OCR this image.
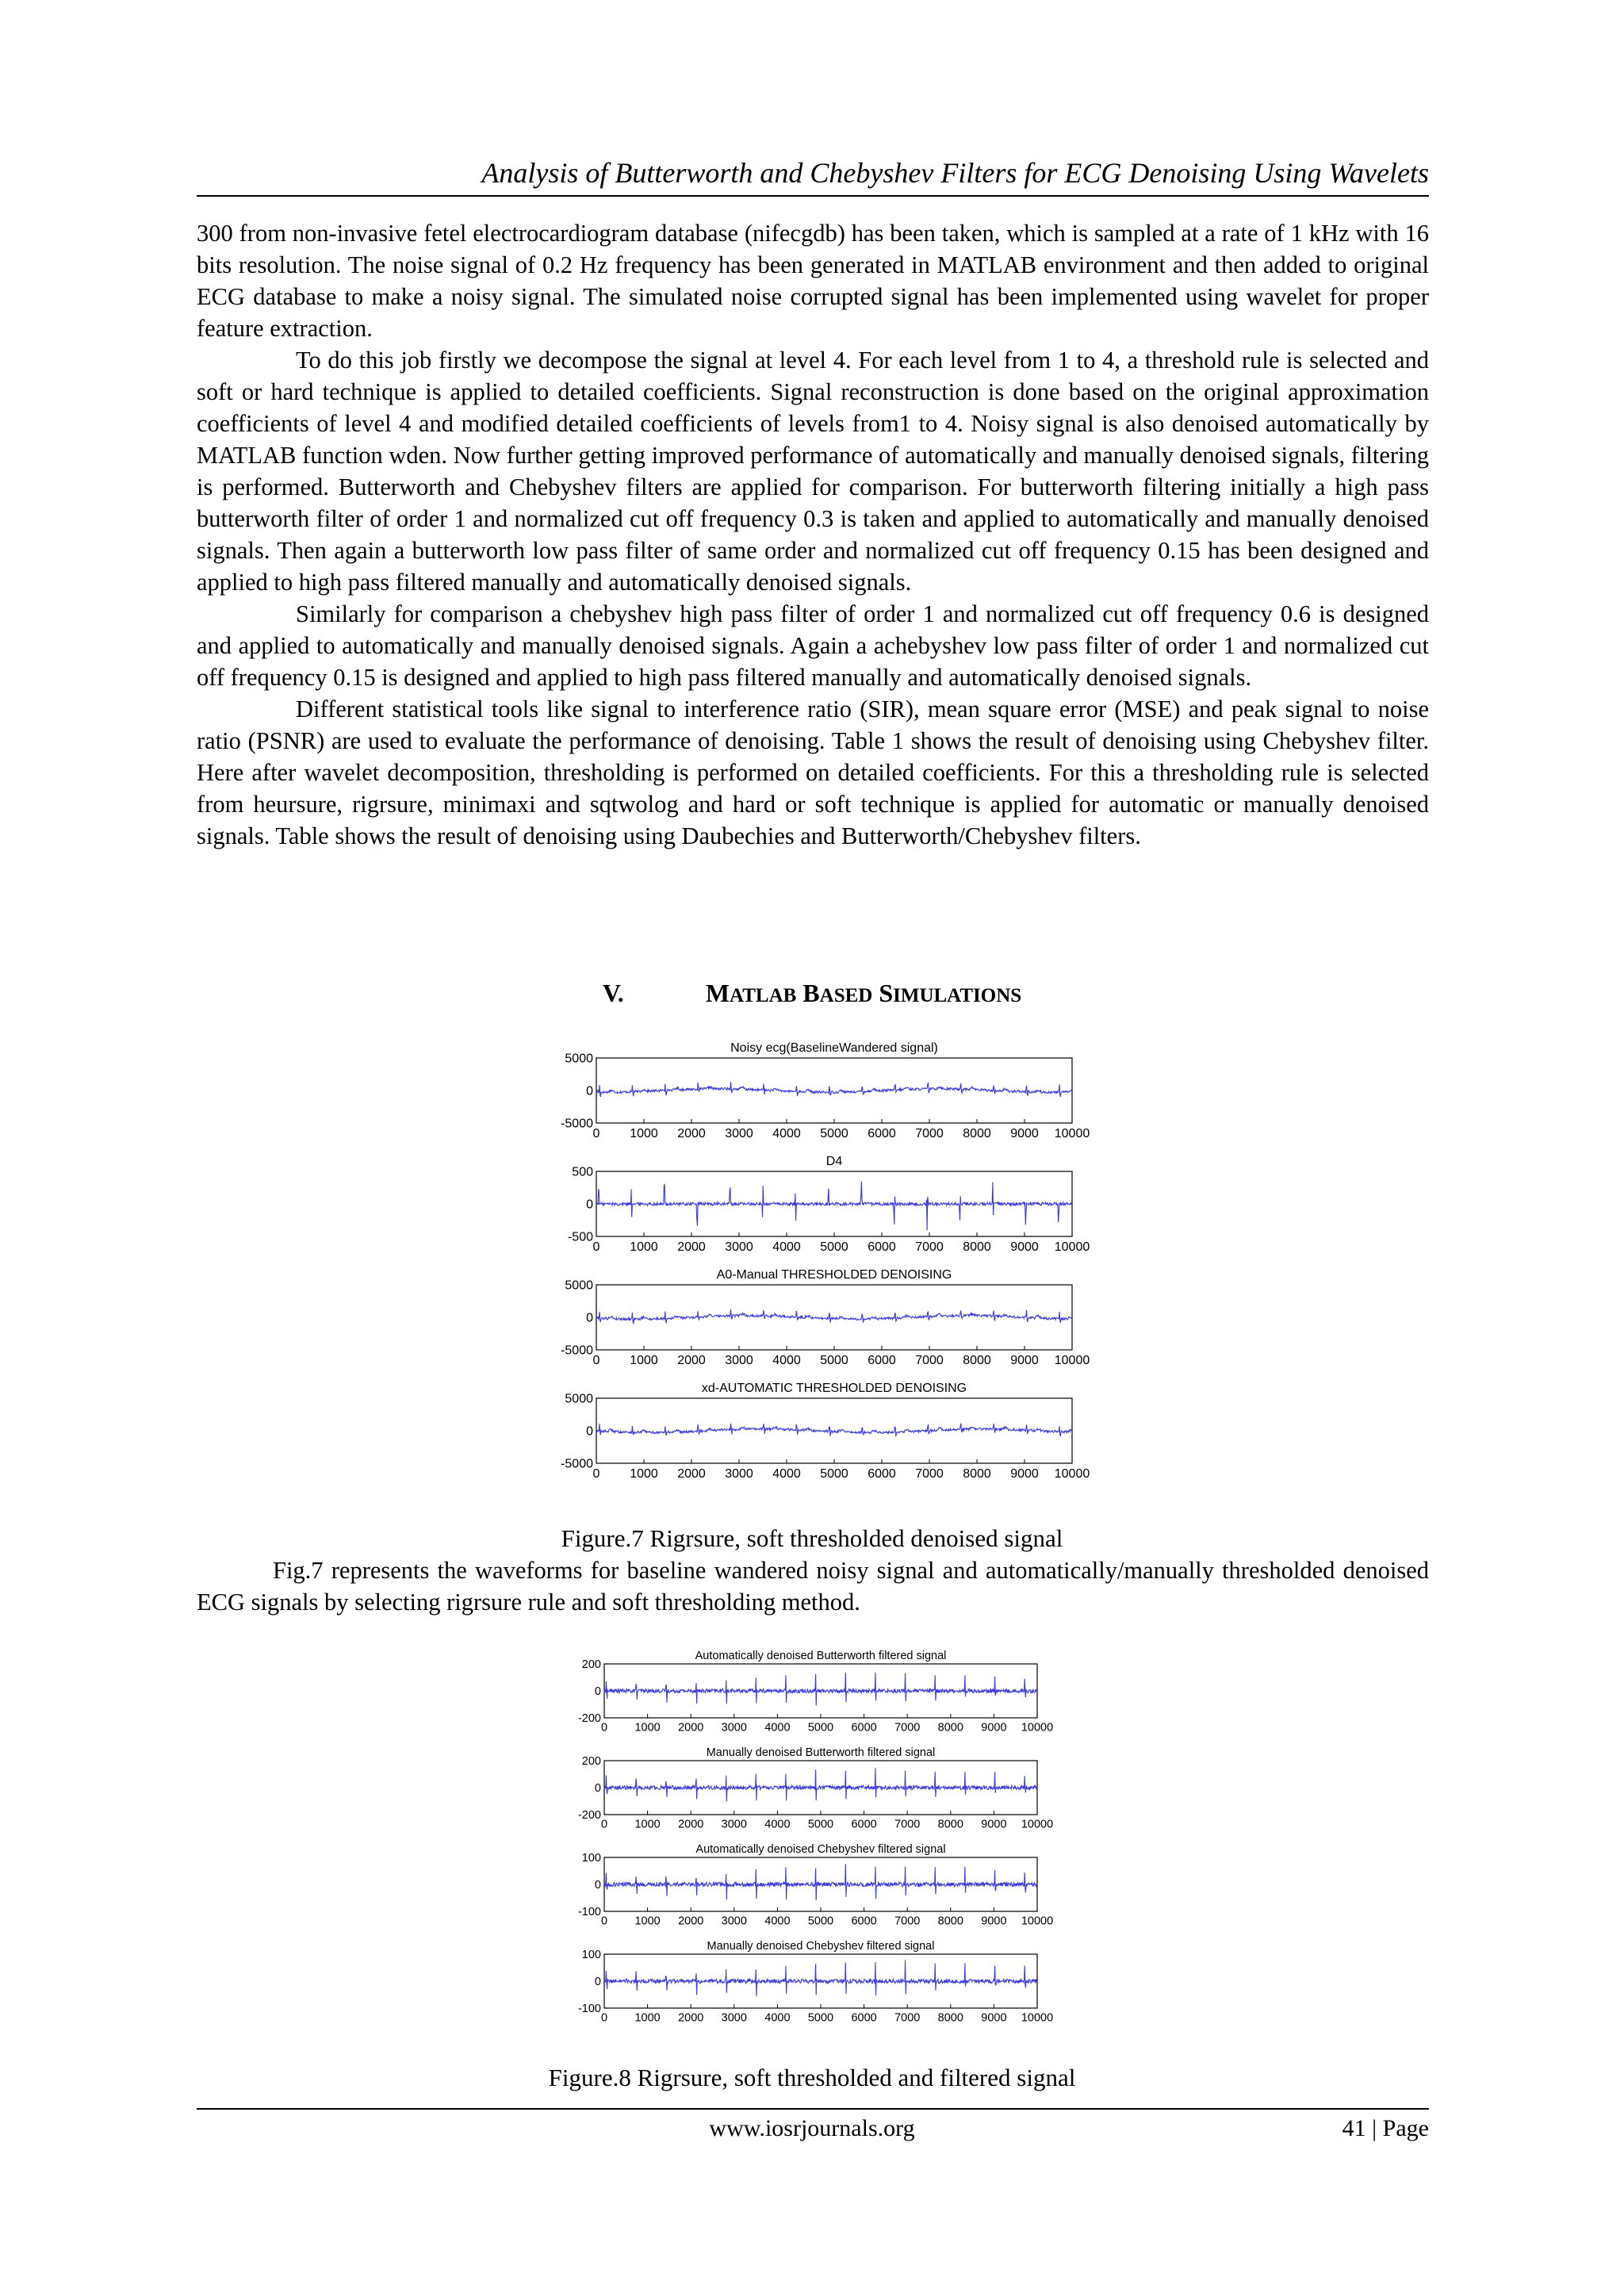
Analysis of Butterworth and Chebyshev Filters for ECG Denoising Using Wavelets

300 from non-invasive fetel electrocardiogram database (nifecgdb) has been taken, which is sampled at a rate of 1 kHz with 16 bits resolution. The noise signal of 0.2 Hz frequency has been generated in MATLAB environment and then added to original ECG database to make a noisy signal. The simulated noise corrupted signal has been implemented using wavelet for proper feature extraction.

To do this job firstly we decompose the signal at level 4. For each level from 1 to 4, a threshold rule is selected and soft or hard technique is applied to detailed coefficients. Signal reconstruction is done based on the original approximation coefficients of level 4 and modified detailed coefficients of levels from1 to 4. Noisy signal is also denoised automatically by MATLAB function wden. Now further getting improved performance of automatically and manually denoised signals, filtering is performed. Butterworth and Chebyshev filters are applied for comparison. For butterworth filtering initially a high pass butterworth filter of order 1 and normalized cut off frequency 0.3 is taken and applied to automatically and manually denoised signals. Then again a butterworth low pass filter of same order and normalized cut off frequency 0.15 has been designed and applied to high pass filtered manually and automatically denoised signals.

Similarly for comparison a chebyshev high pass filter of order 1 and normalized cut off frequency 0.6 is designed and applied to automatically and manually denoised signals. Again a achebyshev low pass filter of order 1 and normalized cut off frequency 0.15 is designed and applied to high pass filtered manually and automatically denoised signals.

Different statistical tools like signal to interference ratio (SIR), mean square error (MSE) and peak signal to noise ratio (PSNR) are used to evaluate the performance of denoising. Table 1 shows the result of denoising using Chebyshev filter. Here after wavelet decomposition, thresholding is performed on detailed coefficients. For this a thresholding rule is selected from heursure, rigrsure, minimaxi and sqtwolog and hard or soft technique is applied for automatic or manually denoised signals. Table shows the result of denoising using Daubechies and Butterworth/Chebyshev filters.

V.	MATLAB BASED SIMULATIONS
Noisy ecg(BaselineWandered signal)
5000
0
-5000
0 1000 2000 3000 4000 5000 6000 7000 8000 9000 10000
D4
500
0
-500
0 1000 2000 3000 4000 5000 6000 7000 8000 9000 10000
A0-Manual THRESHOLDED DENOISING
5000
0
-5000
0 1000 2000 3000 4000 5000 6000 7000 8000 9000 10000
xd-AUTOMATIC THRESHOLDED DENOISING
5000
0
-5000
0 1000 2000 3000 4000 5000 6000 7000 8000 9000 10000
Figure.7 Rigrsure, soft thresholded denoised signal

Fig.7 represents the waveforms for baseline wandered noisy signal and automatically/manually thresholded denoised ECG signals by selecting rigrsure rule and soft thresholding method.

Automatically denoised Butterworth filtered signal
200
0
-200
0 1000 2000 3000 4000 5000 6000 7000 8000 9000 10000
Manually denoised Butterworth filtered signal
200
0
-200
0 1000 2000 3000 4000 5000 6000 7000 8000 9000 10000
Automatically denoised Chebyshev filtered signal
100
0
-100
0 1000 2000 3000 4000 5000 6000 7000 8000 9000 10000
Manually denoised Chebyshev filtered signal
100
0
-100
0 1000 2000 3000 4000 5000 6000 7000 8000 9000 10000
Figure.8 Rigrsure, soft thresholded and filtered signal
www.iosrjournals.org	41 | Page
